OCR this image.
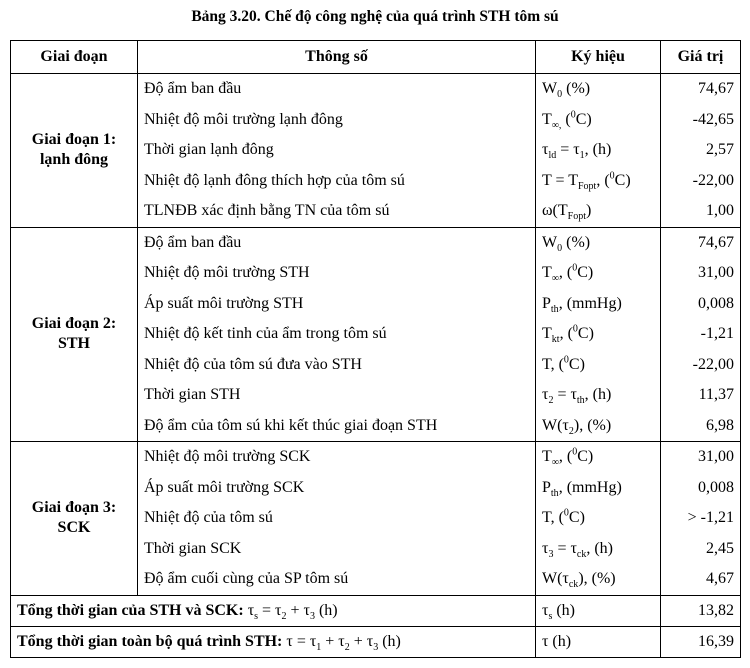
Bảng 3.20. Chế độ công nghệ của quá trình STH tôm sú
Giai đoạn	Thông số	Ký hiệu	Giá trị

Giai đoạn 1:
lạnh đông	Độ ẩm ban đầu	$W_0$ (%)	74,67
	Nhiệt độ môi trường lạnh đông	$T_{\infty,}$ ($^0$C)	-42,65
	Thời gian lạnh đông	$\tau_{ld} = \tau_1$, (h)	2,57
	Nhiệt độ lạnh đông thích hợp của tôm sú	$T = T_{Fopt}$, ($^0$C)	-22,00
	TLNĐB xác định bằng TN của tôm sú	$\omega(T_{Fopt})$	1,00

Giai đoạn 2:
STH	Độ ẩm ban đầu	$W_0$ (%)	74,67
	Nhiệt độ môi trường STH	$T_\infty$, ($^0$C)	31,00
	Áp suất môi trường STH	$P_{th}$, (mmHg)	0,008
	Nhiệt độ kết tinh của ẩm trong tôm sú	$T_{kt}$, ($^0$C)	-1,21
	Nhiệt độ của tôm sú đưa vào STH	T, ($^0$C)	-22,00
	Thời gian STH	$\tau_2 = \tau_{th}$, (h)	11,37
	Độ ẩm của tôm sú khi kết thúc giai đoạn STH	$W(\tau_2)$, (%)	6,98

Giai đoạn 3:
SCK	Nhiệt độ môi trường SCK	$T_\infty$, ($^0$C)	31,00
	Áp suất môi trường SCK	$P_{th}$, (mmHg)	0,008
	Nhiệt độ của tôm sú	T, ($^0$C)	> -1,21
	Thời gian SCK	$\tau_3 = \tau_{ck}$, (h)	2,45
	Độ ẩm cuối cùng của SP tôm sú	$W(\tau_{ck})$, (%)	4,67
Tổng thời gian của STH và SCK: $\tau_s = \tau_2 + \tau_3$ (h)		$\tau_s$ (h)	13,82
Tổng thời gian toàn bộ quá trình STH: $\tau = \tau_1 + \tau_2 + \tau_3$ (h)		τ (h)	16,39
